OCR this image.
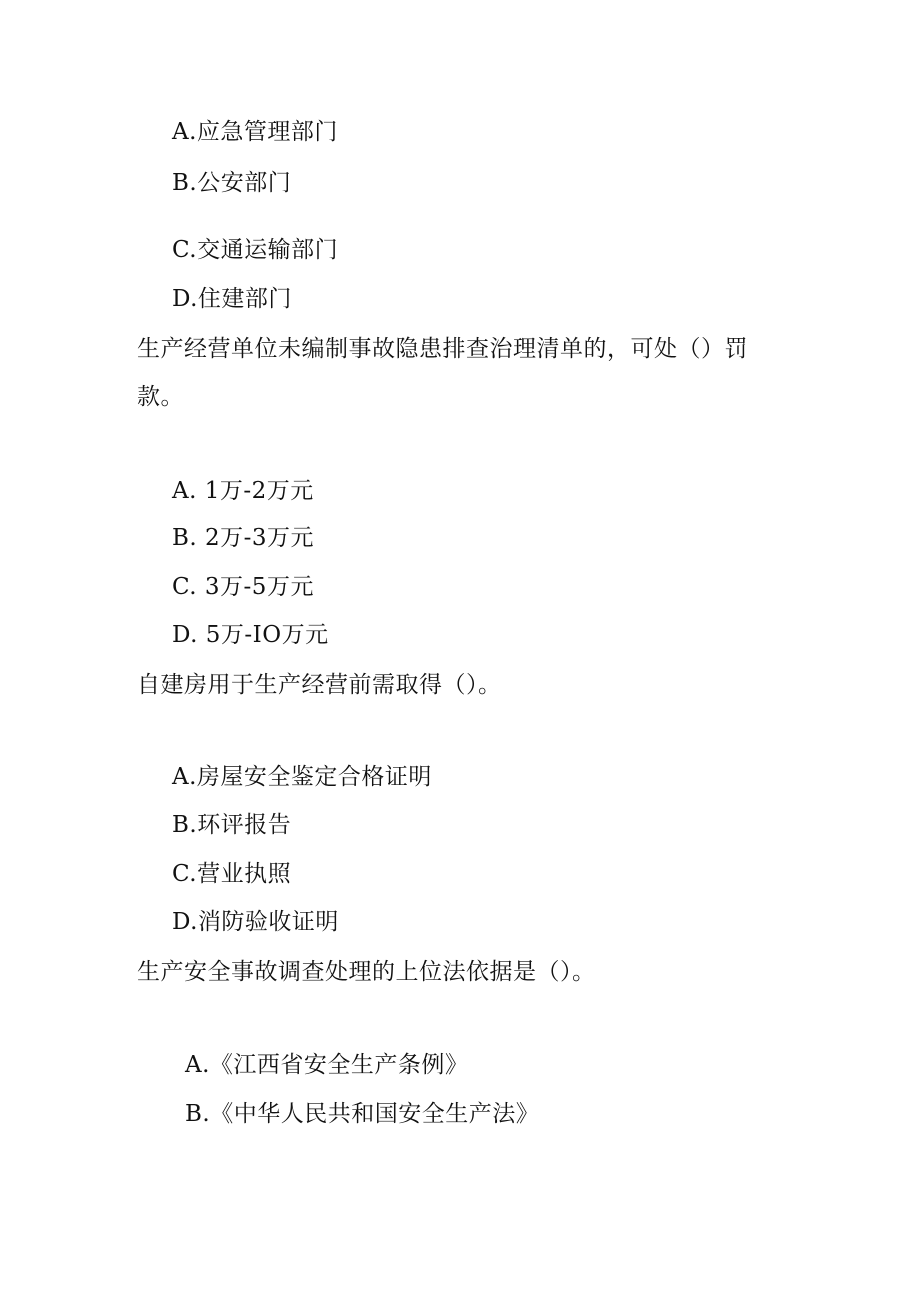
A.应急管理部门
B.公安部门
C.交通运输部门
D.住建部门
生产经营单位未编制事故隐患排查治理清单的，可处（）罚
款。
A. 1万-2万元
B. 2万-3万元
C. 3万-5万元
D. 5万-IO万元
自建房用于生产经营前需取得（）。
A.房屋安全鉴定合格证明
B.环评报告
C.营业执照
D.消防验收证明
生产安全事故调查处理的上位法依据是（）。
A.《江西省安全生产条例》
B.《中华人民共和国安全生产法》
